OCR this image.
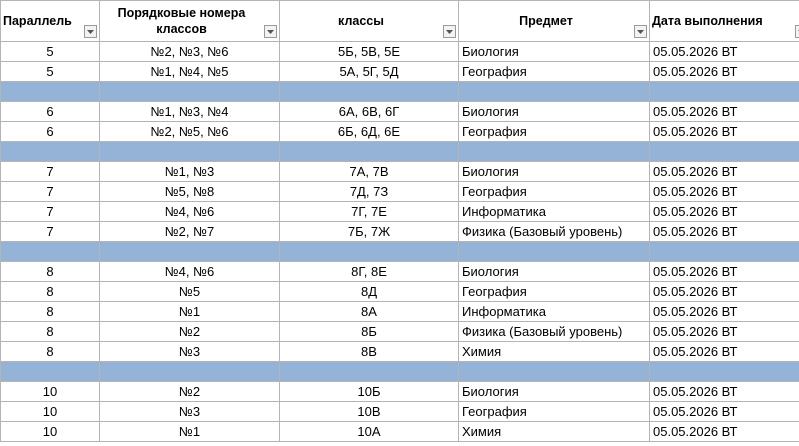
Параллель	Порядковые номера классов	классы	Предмет	Дата выполнения

5	№2, №3, №6	5Б, 5В, 5Е	Биология	05.05.2026 ВТ
5	№1, №4, №5	5А, 5Г, 5Д	География	05.05.2026 ВТ

6	№1, №3, №4	6А, 6В, 6Г	Биология	05.05.2026 ВТ
6	№2, №5, №6	6Б, 6Д, 6Е	География	05.05.2026 ВТ

7	№1, №3	7А, 7В	Биология	05.05.2026 ВТ
7	№5, №8	7Д, 7З	География	05.05.2026 ВТ
7	№4, №6	7Г, 7Е	Информатика	05.05.2026 ВТ
7	№2, №7	7Б, 7Ж	Физика (Базовый уровень)	05.05.2026 ВТ

8	№4, №6	8Г, 8Е	Биология	05.05.2026 ВТ
8	№5	8Д	География	05.05.2026 ВТ
8	№1	8А	Информатика	05.05.2026 ВТ
8	№2	8Б	Физика (Базовый уровень)	05.05.2026 ВТ
8	№3	8В	Химия	05.05.2026 ВТ

10	№2	10Б	Биология	05.05.2026 ВТ
10	№3	10В	География	05.05.2026 ВТ
10	№1	10А	Химия	05.05.2026 ВТ
